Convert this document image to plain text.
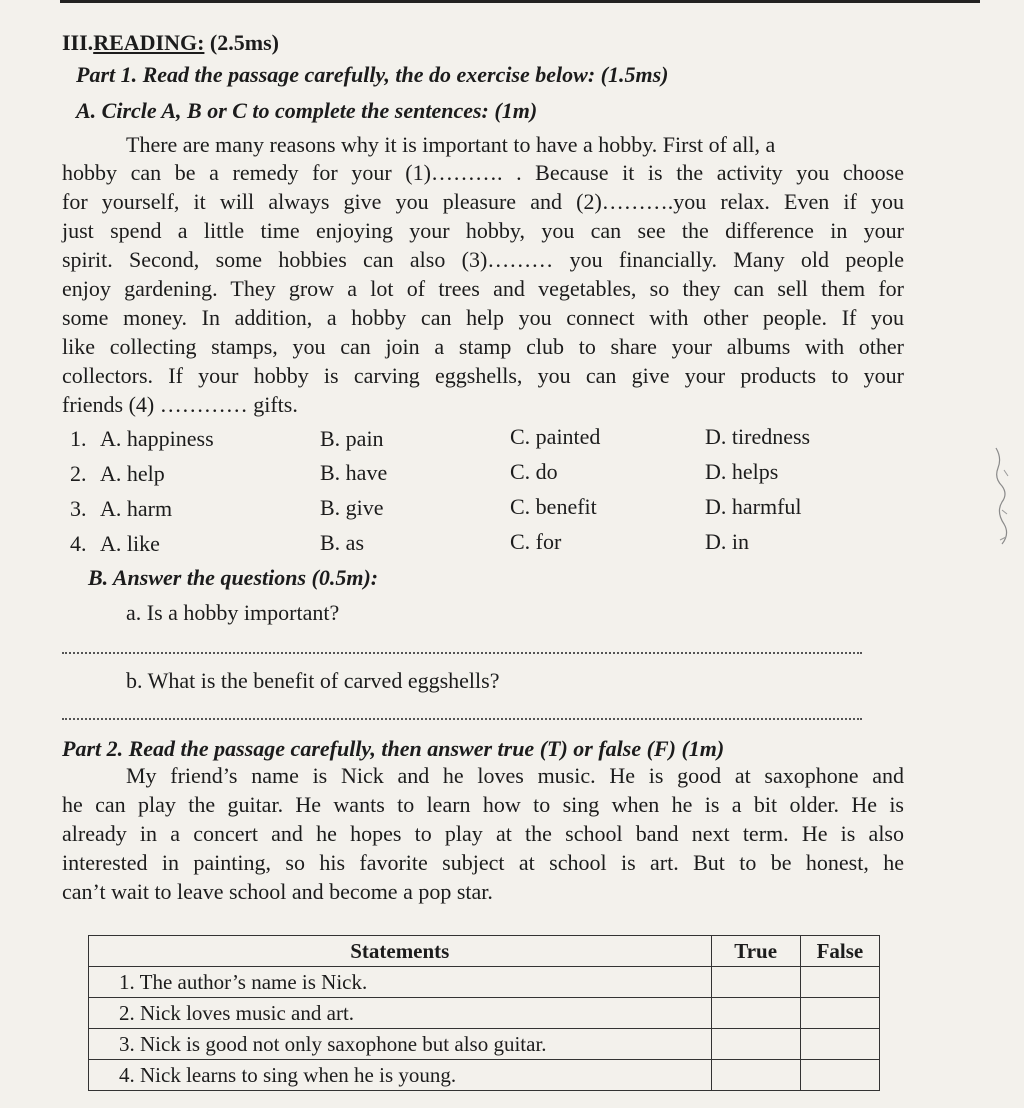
III.READING: (2.5ms)
Part 1. Read the passage carefully, the do exercise below: (1.5ms)
A. Circle A, B or C to complete the sentences: (1m)
There are many reasons why it is important to have a hobby. First of all, a
hobby can be a remedy for your (1)………. . Because it is the activity you choose
for yourself, it will always give you pleasure and (2)……….you relax. Even if you
just spend a little time enjoying your hobby, you can see the difference in your
spirit. Second, some hobbies can also (3)……… you financially. Many old people
enjoy gardening. They grow a lot of trees and vegetables, so they can sell them for
some money. In addition, a hobby can help you connect with other people. If you
like collecting stamps, you can join a stamp club to share your albums with other
collectors. If your hobby is carving eggshells, you can give your products to your
friends (4) ………… gifts.
1. A. happiness	B. pain	C. painted	D. tiredness
2. A. help	B. have	C. do	D. helps
3. A. harm	B. give	C. benefit	D. harmful
4. A. like	B. as	C. for	D. in
B. Answer the questions (0.5m):
a. Is a hobby important?
b. What is the benefit of carved eggshells?
Part 2. Read the passage carefully, then answer true (T) or false (F) (1m)
My friend’s name is Nick and he loves music. He is good at saxophone and
he can play the guitar. He wants to learn how to sing when he is a bit older. He is
already in a concert and he hopes to play at the school band next term. He is also
interested in painting, so his favorite subject at school is art. But to be honest, he
can’t wait to leave school and become a pop star.
Statements	True	False
1. The author’s name is Nick.		
2. Nick loves music and art.		
3. Nick is good not only saxophone but also guitar.		
4. Nick learns to sing when he is young.		
